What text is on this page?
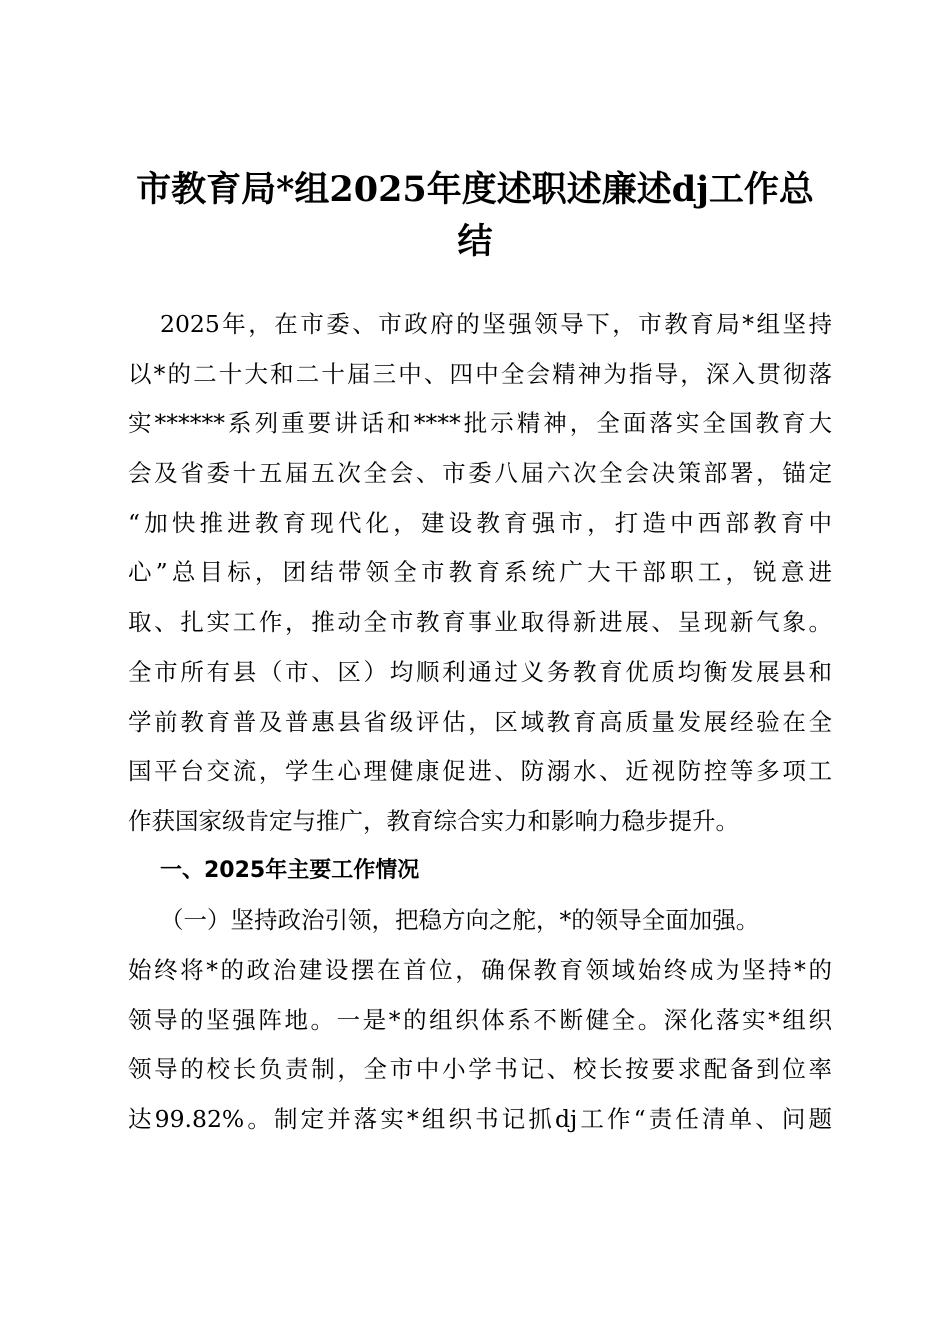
市教育局*组2025年度述职述廉述dj工作总
结
2025年，在市委、市政府的坚强领导下，市教育局*组坚持
以*的二十大和二十届三中、四中全会精神为指导，深入贯彻落
实******系列重要讲话和****批示精神，全面落实全国教育大
会及省委十五届五次全会、市委八届六次全会决策部署，锚定
“加快推进教育现代化，建设教育强市，打造中西部教育中
心”总目标，团结带领全市教育系统广大干部职工，锐意进
取、扎实工作，推动全市教育事业取得新进展、呈现新气象。
全市所有县（市、区）均顺利通过义务教育优质均衡发展县和
学前教育普及普惠县省级评估，区域教育高质量发展经验在全
国平台交流，学生心理健康促进、防溺水、近视防控等多项工
作获国家级肯定与推广，教育综合实力和影响力稳步提升。
一、2025年主要工作情况
（一）坚持政治引领，把稳方向之舵，*的领导全面加强。
始终将*的政治建设摆在首位，确保教育领域始终成为坚持*的
领导的坚强阵地。一是*的组织体系不断健全。深化落实*组织
领导的校长负责制，全市中小学书记、校长按要求配备到位率
达99.82%。制定并落实*组织书记抓dj工作“责任清单、问题
